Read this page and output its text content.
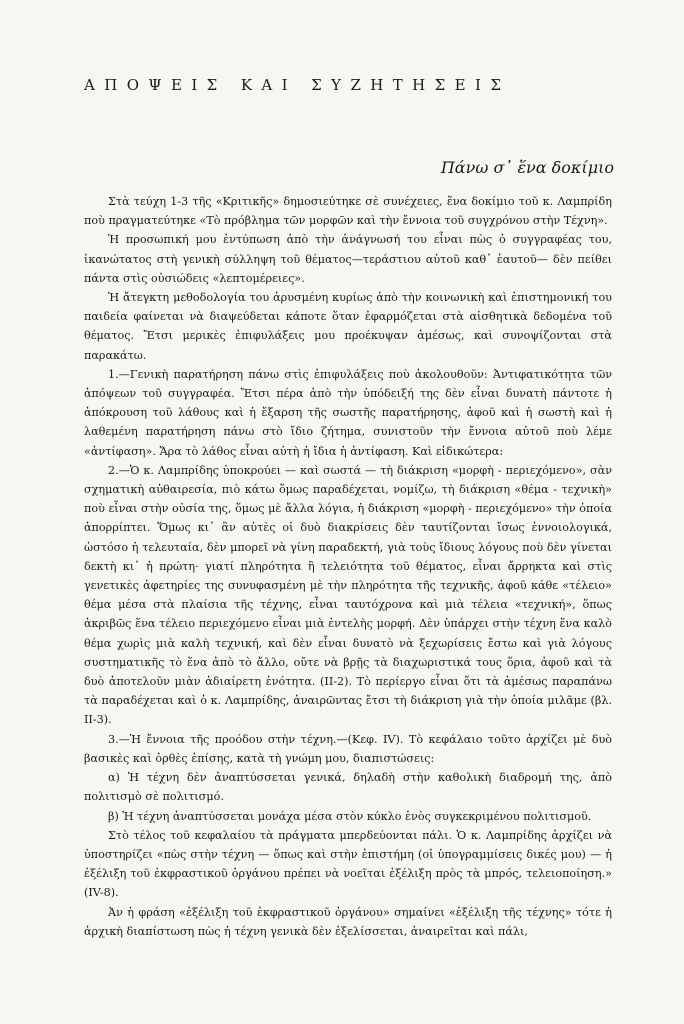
ΑΠΟΨΕΙΣ ΚΑΙ ΣΥΖΗΤΗΣΕΙΣ
Πάνω σ᾿ ἕνα δοκίμιο

Στὰ τεύχη 1-3 τῆς «Κριτικῆς» δημοσιεύτηκε σὲ συνέχειες, ἕνα δοκίμιο τοῦ κ. Λαμπρίδη ποὺ πραγματεύτηκε «Τὸ πρόβλημα τῶν μορφῶν καὶ τὴν ἔννοια τοῦ συγχρόνου στὴν Τέχνη».

Ἡ προσωπική μου ἐντύπωση ἀπὸ τὴν ἀνάγνωσή του εἶναι πὼς ὁ συγγραφέας του, ἱκανώτατος στὴ γενικὴ σύλληψη τοῦ θέματος—τεράστιου αὐτοῦ καθ᾿ ἑαυτοῦ— δὲν πείθει πάντα στὶς οὐσιώδεις «λεπτομέρειες».

Ἡ ἄτεγκτη μεθοδολογία του ἀρυσμένη κυρίως ἀπὸ τὴν κοινωνικὴ καὶ ἐπιστημονική του παιδεία φαίνεται νὰ διαψεύδεται κάποτε ὅταν ἐφαρμόζεται στὰ αἰσθητικὰ δεδομένα τοῦ θέματος. Ἔτσι μερικὲς ἐπιφυλάξεις μου προέκυψαν ἀμέσως, καὶ συνοψίζονται στὰ παρακάτω.

1.—Γενικὴ παρατήρηση πάνω στὶς ἐπιφυλάξεις ποὺ ἀκολουθοῦν: Ἀντιφατικότητα τῶν ἀπόψεων τοῦ συγγραφέα. Ἔτσι πέρα ἀπὸ τὴν ὑπόδειξή της δὲν εἶναι δυνατὴ πάντοτε ἡ ἀπόκρουση τοῦ λάθους καὶ ἡ ἔξαρση τῆς σωστῆς παρατήρησης, ἀφοῦ καὶ ἡ σωστὴ καὶ ἡ λαθεμένη παρατήρηση πάνω στὸ ἴδιο ζήτημα, συνιστοῦν τὴν ἔννοια αὐτοῦ ποὺ λέμε «ἀντίφαση». Ἄρα τὸ λάθος εἶναι αὐτὴ ἡ ἴδια ἡ ἀντίφαση. Καὶ εἰδικώτερα:

2.—Ὁ κ. Λαμπρίδης ὑποκρούει — καὶ σωστά — τὴ διάκριση «μορφὴ - περιεχόμενο», σὰν σχηματικὴ αὐθαιρεσία, πιὸ κάτω ὅμως παραδέχεται, νομίζω, τὴ διάκριση «θέμα - τεχνικὴ» ποὺ εἶναι στὴν οὐσία της, ὅμως μὲ ἄλλα λόγια, ἡ διάκριση «μορφὴ - περιεχόμενο» τὴν ὁποία ἀπορρίπτει. Ὅμως κι᾿ ἂν αὐτὲς οἱ δυὸ διακρίσεις δὲν ταυτίζονται ἴσως ἐννοιολογικά, ὡστόσο ἡ τελευταία, δὲν μπορεῖ νὰ γίνη παραδεκτή, γιὰ τοὺς ἴδιους λόγους ποὺ δὲν γίνεται δεκτὴ κι᾿ ἡ πρώτη· γιατί πληρότητα ἢ τελειότητα τοῦ θέματος, εἶναι ἄρρηκτα καὶ στὶς γενετικὲς ἀφετηρίες της συνυφασμένη μὲ τὴν πληρότητα τῆς τεχνικῆς, ἀφοῦ κάθε «τέλειο» θέμα μέσα στὰ πλαίσια τῆς τέχνης, εἶναι ταυτόχρονα καὶ μιὰ τέλεια «τεχνική», ὅπως ἀκριβῶς ἕνα τέλειο περιεχόμενο εἶναι μιὰ ἐντελὴς μορφή. Δὲν ὑπάρχει στὴν τέχνη ἕνα καλὸ θέμα χωρὶς μιὰ καλὴ τεχνική, καὶ δὲν εἶναι δυνατὸ νὰ ξεχωρίσεις ἔστω καὶ γιὰ λόγους συστηματικῆς τὸ ἕνα ἀπὸ τὸ ἄλλο, οὔτε νὰ βρῇς τὰ διαχωριστικά τους ὅρια, ἀφοῦ καὶ τὰ δυὸ ἀποτελοῦν μιὰν ἀδιαίρετη ἑνότητα. (ΙΙ-2). Τὸ περίεργο εἶναι ὅτι τὰ ἀμέσως παραπάνω τὰ παραδέχεται καὶ ὁ κ. Λαμπρίδης, ἀναιρῶντας ἔτσι τὴ διάκριση γιὰ τὴν ὁποία μιλᾶμε (βλ. ΙΙ-3).

3.—Ἡ ἔννοια τῆς προόδου στὴν τέχνη.—(Κεφ. IV). Τὸ κεφάλαιο τοῦτο ἀρχίζει μὲ δυὸ βασικὲς καὶ ὀρθὲς ἐπίσης, κατὰ τὴ γνώμη μου, διαπιστώσεις:

α) Ἡ τέχνη δὲν ἀναπτύσσεται γενικά, δηλαδὴ στὴν καθολικὴ διαδρομή της, ἀπὸ πολιτισμὸ σὲ πολιτισμό.

β) Ἡ τέχνη ἀναπτύσσεται μονάχα μέσα στὸν κύκλο ἑνὸς συγκεκριμένου πολιτισμοῦ.

Στὸ τέλος τοῦ κεφαλαίου τὰ πράγματα μπερδεύονται πάλι. Ὁ κ. Λαμπρίδης ἀρχίζει νὰ ὑποστηρίζει «πὼς στὴν τέχνη — ὅπως καὶ στὴν ἐπιστήμη (οἱ ὑπογραμμίσεις δικές μου) — ἡ ἐξέλιξη τοῦ ἐκφραστικοῦ ὀργάνου πρέπει νὰ νοεῖται ἐξέλιξη πρὸς τὰ μπρός, τελειοποίηση.» (IV-8).

Ἀν ἡ φράση «ἐξέλιξη τοῦ ἐκφραστικοῦ ὀργάνου» σημαίνει «ἐξέλιξη τῆς τέχνης» τότε ἡ ἀρχικὴ διαπίστωση πὼς ἡ τέχνη γενικὰ δὲν ἐξελίσσεται, ἀναιρεῖται καὶ πάλι,
